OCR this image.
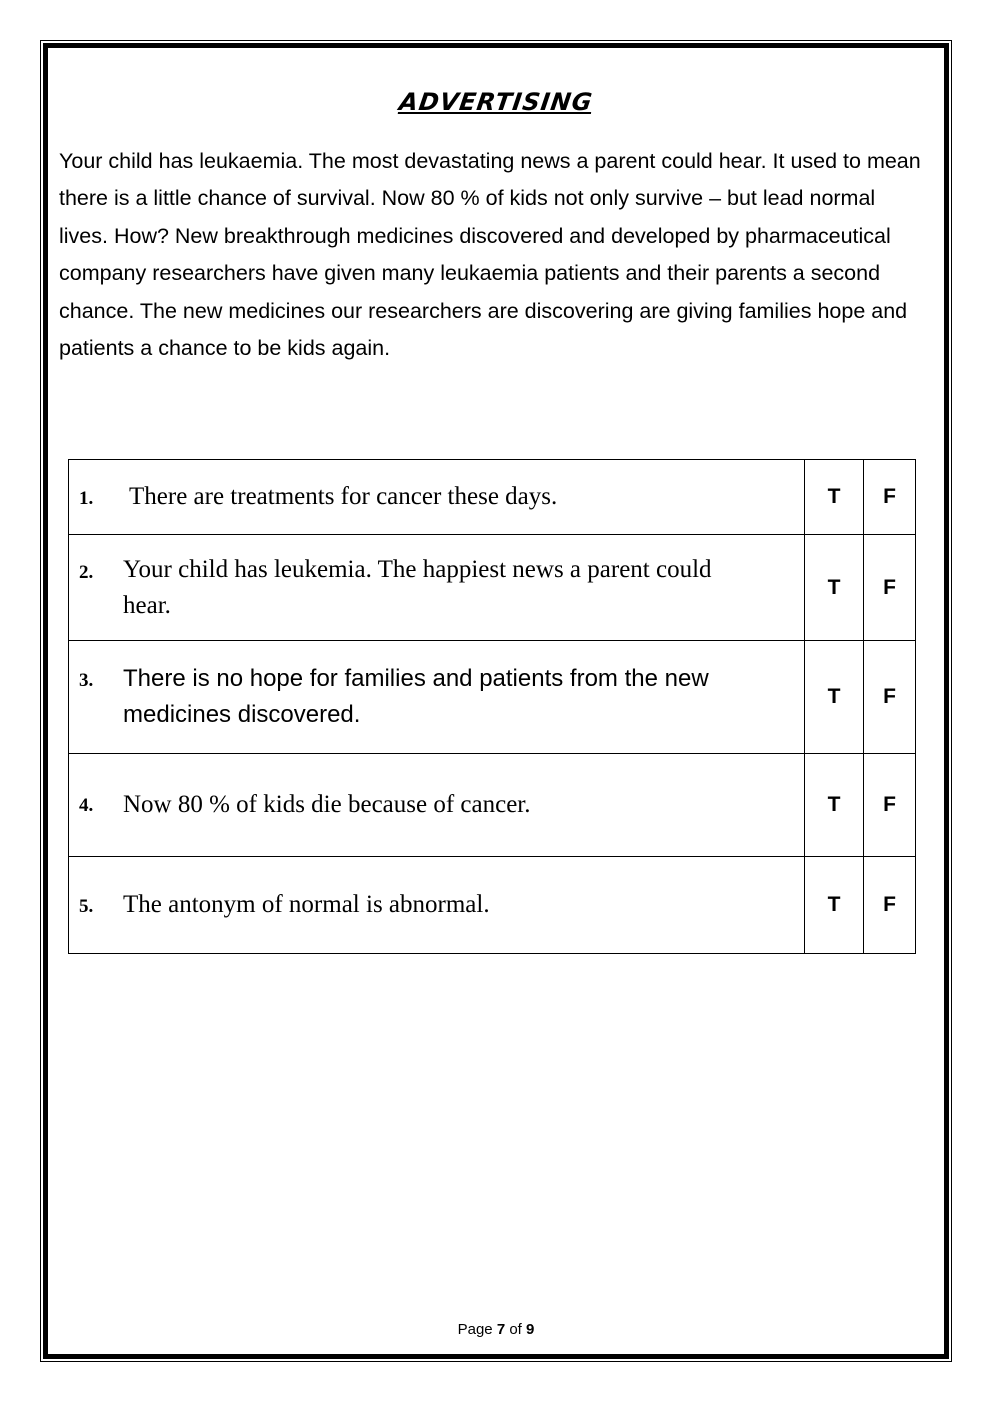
ADVERTISING
Your child has leukaemia. The most devastating news a parent could hear. It used to mean there is a little chance of survival. Now 80 % of kids not only survive – but lead normal lives. How? New breakthrough medicines discovered and developed by pharmaceutical company researchers have given many leukaemia patients and their parents a second chance. The new medicines our researchers are discovering are giving families hope and patients a chance to be kids again.
1. There are treatments for cancer these days.	T	F

2. Your child has leukemia. The happiest news a parent could hear.	T	F

3. There is no hope for families and patients from the new medicines discovered.	T	F

4. Now 80 % of kids die because of cancer.	T	F

5. The antonym of normal is abnormal.	T	F
Page 7 of 9
